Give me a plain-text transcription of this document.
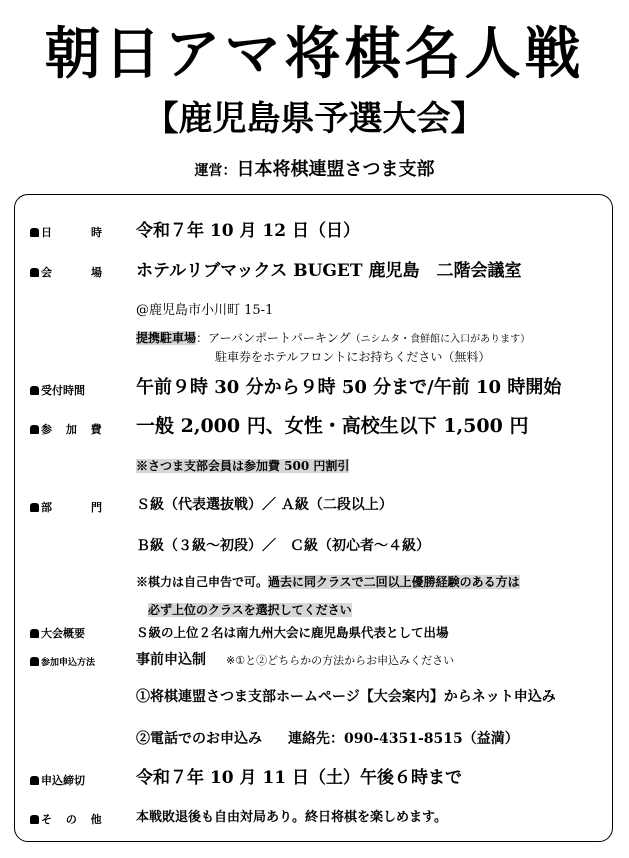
朝日アマ将棋名人戦
【鹿児島県予選大会】
運営：日本将棋連盟さつま支部
日　時 令和７年 10 月 12 日（日）
会　場 ホテルリブマックス BUGET 鹿児島　二階会議室
@鹿児島市小川町 15-1
提携駐車場：アーバンポートパーキング（ニシムタ・食鮮館に入口があります）
駐車券をホテルフロントにお持ちください（無料）
受付時間	午前９時 30 分から９時 50 分まで/午前 10 時開始
参 加 費 一般 2,000 円、女性・高校生以下 1,500 円
※さつま支部会員は参加費 500 円割引
部　門 Ｓ級（代表選抜戦）／ Ａ級（二段以上）
Ｂ級（３級～初段）／　Ｃ級（初心者～４級）
※棋力は自己申告で可。過去に同クラスで二回以上優勝経験のある方は
必ず上位のクラスを選択してください
大会概要	Ｓ級の上位２名は南九州大会に鹿児島県代表として出場
参加申込方法	事前申込制 ※①と②どちらかの方法からお申込みください
①将棋連盟さつま支部ホームページ【大会案内】からネット申込み
②電話でのお申込み 連絡先：090-4351-8515（益満）
申込締切	令和７年 10 月 11 日（土）午後６時まで
そ の 他 本戦敗退後も自由対局あり。終日将棋を楽しめます。
